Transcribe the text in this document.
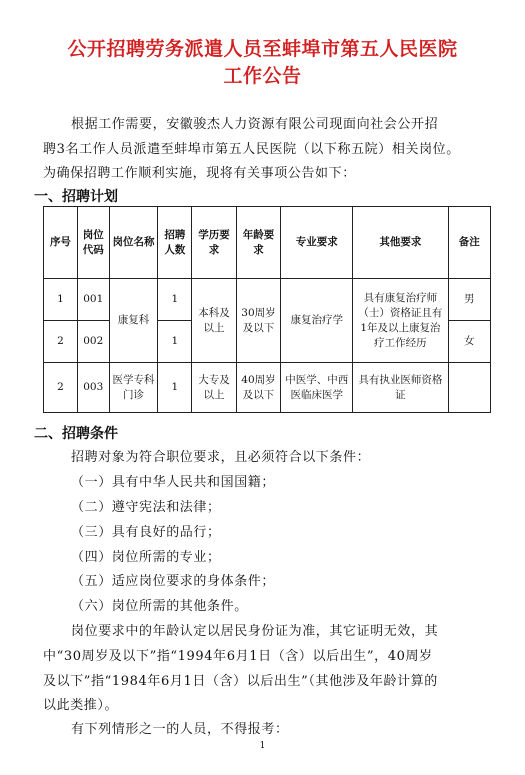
公开招聘劳务派遣人员至蚌埠市第五人民医院
工作公告
根据工作需要，安徽骏杰人力资源有限公司现面向社会公开招
聘3名工作人员派遣至蚌埠市第五人民医院（以下称五院）相关岗位。
为确保招聘工作顺利实施，现将有关事项公告如下：
一、招聘计划
序号	岗位代码	岗位名称	招聘人数	学历要求	年龄要求	专业要求	其他要求	备注
1	001	康复科	1	本科及以上	30周岁及以下	康复治疗学	具有康复治疗师（士）资格证且有1年及以上康复治疗工作经历	男
2	002		1					女
2	003	医学专科门诊	1	大专及以上	40周岁及以下	中医学、中西医临床医学	具有执业医师资格证	
二、招聘条件
招聘对象为符合职位要求，且必须符合以下条件：
（一）具有中华人民共和国国籍；
（二）遵守宪法和法律；
（三）具有良好的品行；
（四）岗位所需的专业；
（五）适应岗位要求的身体条件；
（六）岗位所需的其他条件。
岗位要求中的年龄认定以居民身份证为准，其它证明无效，其
中“30周岁及以下”指“1994年6月1日（含）以后出生”，40周岁
及以下”指“1984年6月1日（含）以后出生”（其他涉及年龄计算的
以此类推）。
有下列情形之一的人员，不得报考：
1
